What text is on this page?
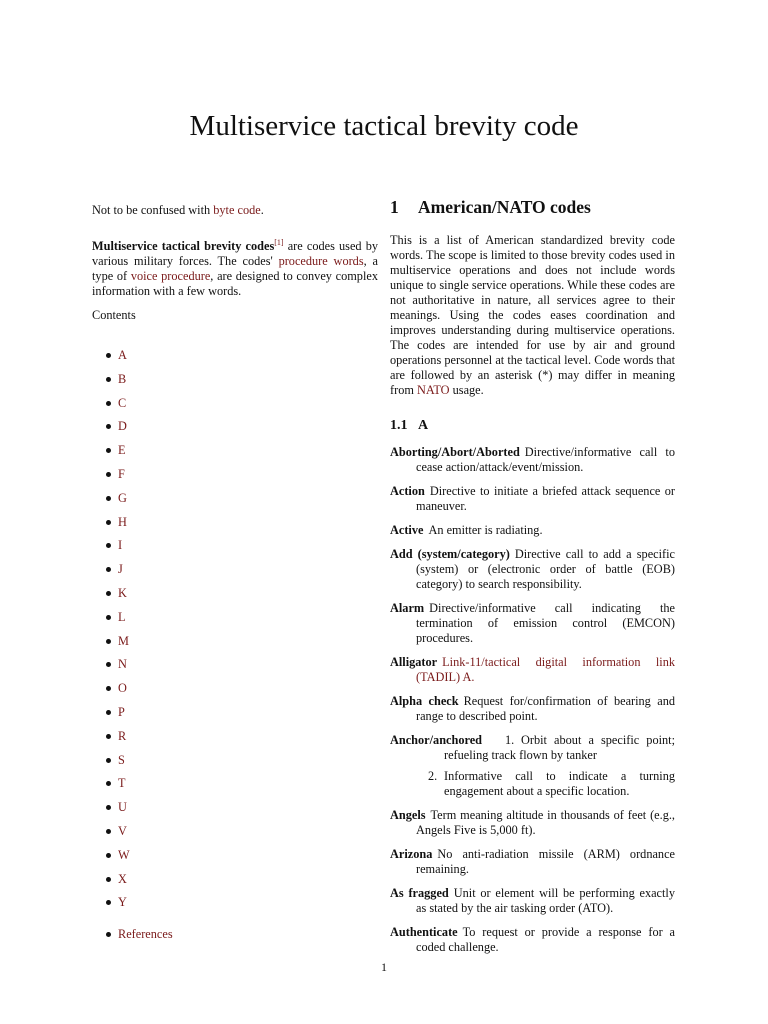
Multiservice tactical brevity code

Not to be confused with byte code.

Multiservice tactical brevity codes[1] are codes used by various military forces. The codes' procedure words, a type of voice procedure, are designed to convey complex information with a few words.

Contents

A
B
C
D
E
F
G
H
I
J
K
L
M
N
O
P
R
S
T
U
V
W
X
Y
References
1 American/NATO codes

This is a list of American standardized brevity code words. The scope is limited to those brevity codes used in multiservice operations and does not include words unique to single service operations. While these codes are not authoritative in nature, all services agree to their meanings. Using the codes eases coordination and improves understanding during multiservice operations. The codes are intended for use by air and ground operations personnel at the tactical level. Code words that are followed by an asterisk (*) may differ in meaning from NATO usage.

1.1 A
Aborting/Abort/Aborted Directive/informative call to cease action/attack/event/mission.
Action Directive to initiate a briefed attack sequence or maneuver.
Active An emitter is radiating.
Add (system/category) Directive call to add a specific (system) or (electronic order of battle (EOB) category) to search responsibility.
Alarm Directive/informative call indicating the termination of emission control (EMCON) procedures.
Alligator Link-11/tactical digital information link (TADIL) A.
Alpha check Request for/confirmation of bearing and range to described point.
Anchor/anchored 1. Orbit about a specific point; refueling track flown by tanker
2. Informative call to indicate a turning engagement about a specific location.
Angels Term meaning altitude in thousands of feet (e.g., Angels Five is 5,000 ft).
Arizona No anti-radiation missile (ARM) ordnance remaining.
As fragged Unit or element will be performing exactly as stated by the air tasking order (ATO).
Authenticate To request or provide a response for a coded challenge.
1
